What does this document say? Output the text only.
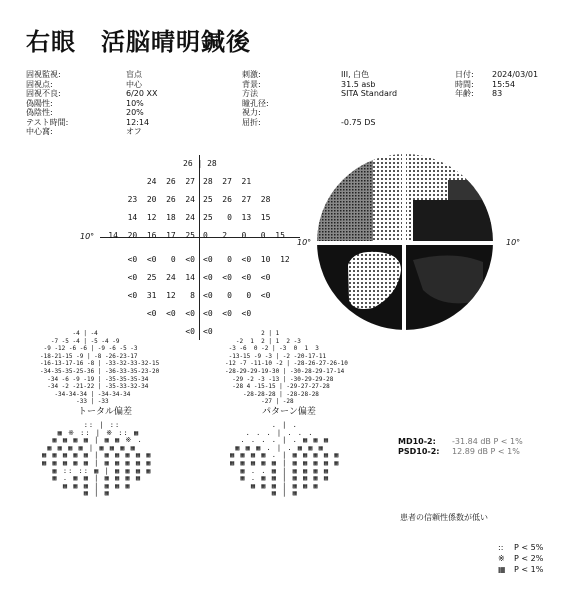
右眼　活脳晴明鍼後
固視監視:
固視点:
固視不良:
偽陽性:
偽陰性:
テスト時間:
中心窩:
盲点
中心
6/20 XX
10%
20%
12:14
オフ
刺激:
背景:
方法
瞳孔径:
視力:
屈折:
III, 白色
31.5 asb
SITA Standard
-0.75 DS
日付:
時間:
年齢:
2024/03/01
15:54
83
26 | 28
24  26  27 28  27  21
23  20  26  24 25  26  27  28
14  12  18  24 25   0  13  15
14  20  16  17  25 0   2   0   0  15
<0  <0   0  <0 <0   0  <0  10  12
<0  25  24  14 <0  <0  <0  <0
<0  31  12   8 <0   0   0  <0
<0  <0  <0 <0  <0  <0
<0 <0
10°
10°	10°
-4 | -4
-7 -5 -4 | -5 -4 -9
-9 -12 -6 -6 | -9 -6 -5 -3
-18-21-15 -9 | -8 -26-23-17
-16-13-17-16 -8 | -33-32-33-32-15
-34-35-35-25-36 | -36-33-35-23-20
-34 -6 -9 -19 | -35-35-35-34
-34 -2 -21-22 | -35-33-32-34
-34-34-34 | -34-34-34
-33 | -33
トータル偏差
:: | ::
▦ ※ :: | ※ :: ▦
▦ ▦ ▦ ▦ | ▦ ▦ ※ .
▦ ▦ ▦ ▦ | ▦ ▦ ▦ ▦
▦ ▦ ▦ ▦ ▦ | ▦ ▦ ▦ ▦ ▦
▦ ▦ ▦ ▦ ▦ | ▦ ▦ ▦ ▦ ▦
▦ :: :: ▦ | ▦ ▦ ▦ ▦
▦ . ▦ ▦ | ▦ ▦ ▦ ▦
▦ ▦ ▦ | ▦ ▦ ▦
▦ | ▦
2 | 1
-2  1  2 | 1  2 -3
-3 -6  0 -2 | -3  0  1  3
-13-15 -9 -3 | -2 -20-17-11
-12 -7 -11-10 -2 | -28-26-27-26-10
-28-29-29-19-30 | -30-28-29-17-14
-29 -2 -3 -13 | -30-29-29-28
-28 4 -15-15 | -29-27-27-28
-28-28-28 | -28-28-28
-27 | -28
パターン偏差
. | .
. . . | . . .
. . . . | . ▦ ▦ ▦
▦ ▦ ▦ . | . ▦ ▦ ▦
▦ ▦ ▦ ▦ . | ▦ ▦ ▦ ▦ ▦
▦ ▦ ▦ ▦ ▦ | ▦ ▦ ▦ ▦ ▦
▦ . . ▦ | ▦ ▦ ▦ ▦
▦ . ▦ ▦ | ▦ ▦ ▦ ▦
▦ ▦ ▦ | ▦ ▦ ▦
▦ | ▦
MD10-2: -31.84 dB P < 1%
PSD10-2: 12.89 dB P < 1%
患者の信頼性係数が低い
:: P < 5%
※ P < 2%
▦ P < 1%
